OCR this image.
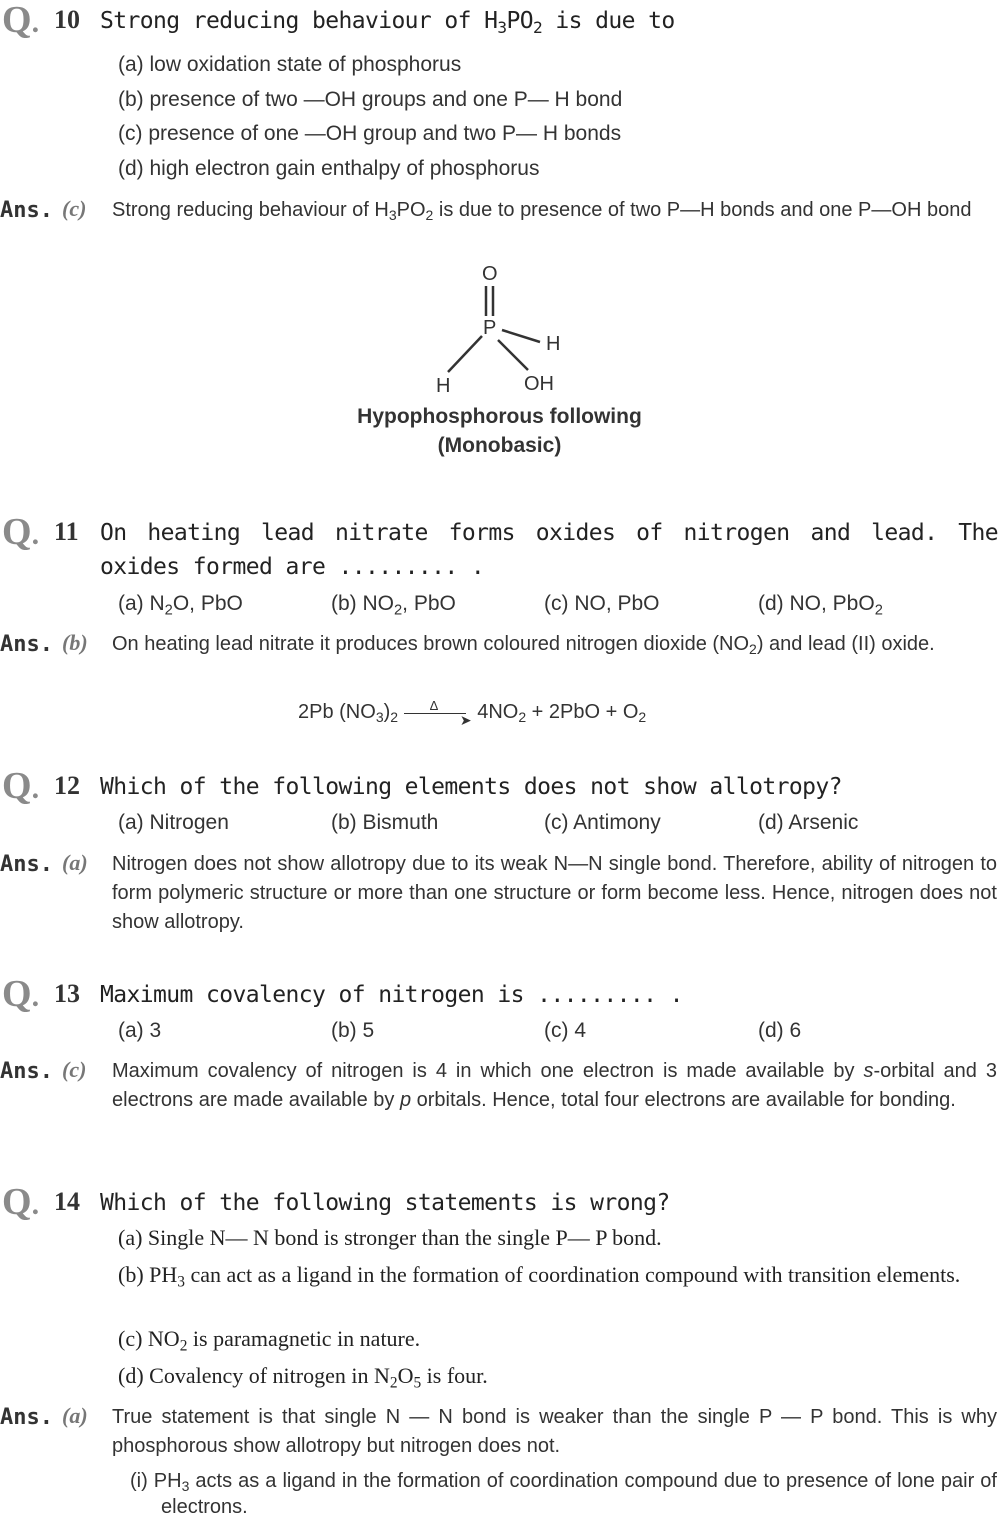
Q. 10 Strong reducing behaviour of $H_3PO_2$ is due to
(a) low oxidation state of phosphorus
(b) presence of two —OH groups and one P— H bond
(c) presence of one —OH group and two P— H bonds
(d) high electron gain enthalpy of phosphorus
Ans. (c) Strong reducing behaviour of $H_3PO_2$ is due to presence of two P—H bonds and one P—OH bond
O
P
H
H	OH
Hypophosphorous following
(Monobasic)
Q. 11 On heating lead nitrate forms oxides of nitrogen and lead. The oxides formed are ......... .
(a) $N_2O$, PbO	(b) $NO_2$, PbO	(c) NO, PbO	(d) NO, PbO$_2$
Ans. (b) On heating lead nitrate it produces brown coloured nitrogen dioxide $(NO_2)$ and lead (II) oxide.
2Pb $(NO_3)_2$
Δ
➤ $4NO_2 + 2PbO + O_2$
Q. 12 Which of the following elements does not show allotropy?
(a) Nitrogen	(b) Bismuth	(c) Antimony	(d) Arsenic
Ans. (a) Nitrogen does not show allotropy due to its weak N—N single bond. Therefore, ability of nitrogen to form polymeric structure or more than one structure or form become less. Hence, nitrogen does not show allotropy.
Q. 13 Maximum covalency of nitrogen is ......... .
(a) 3	(b) 5	(c) 4	(d) 6
Ans. (c) Maximum covalency of nitrogen is 4 in which one electron is made available by s-orbital and 3 electrons are made available by p orbitals. Hence, total four electrons are available for bonding.
Q. 14 Which of the following statements is wrong?
(a) Single N— N bond is stronger than the single P— P bond.
(b) $PH_3$ can act as a ligand in the formation of coordination compound with transition elements.
(c) $NO_2$ is paramagnetic in nature.
(d) Covalency of nitrogen in $N_2O_5$ is four.
Ans. (a) True statement is that single N — N bond is weaker than the single P — P bond. This is why phosphorous show allotropy but nitrogen does not.
(i) $PH_3$ acts as a ligand in the formation of coordination compound due to presence of lone pair of electrons.
